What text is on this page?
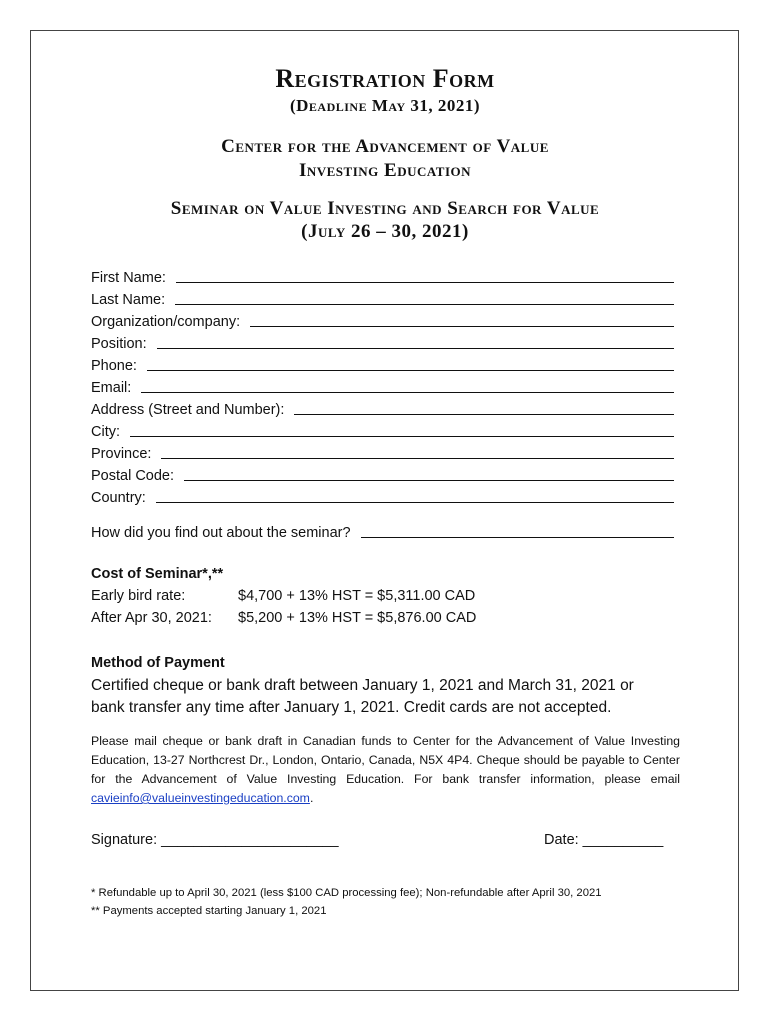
Registration Form
(Deadline May 31, 2021)
Center for the Advancement of Value
Investing Education
Seminar on Value Investing and Search for Value
(July 26 – 30, 2021)
First Name:
Last Name:
Organization/company:
Position:
Phone:
Email:
Address (Street and Number):
City:
Province:
Postal Code:
Country:
How did you find out about the seminar?
Cost of Seminar*,**
Early bird rate:	$4,700 + 13% HST = $5,311.00 CAD
After Apr 30, 2021: $5,200 + 13% HST = $5,876.00 CAD
Method of Payment
Certified cheque or bank draft between January 1, 2021 and March 31, 2021 or
bank transfer any time after January 1, 2021. Credit cards are not accepted.
Please mail cheque or bank draft in Canadian funds to Center for the Advancement of Value Investing Education, 13-27 Northcrest Dr., London, Ontario, Canada, N5X 4P4. Cheque should be payable to Center for the Advancement of Value Investing Education. For bank transfer information, please email cavieinfo@valueinvestingeducation.com.
Signature: ______________________	Date: __________
* Refundable up to April 30, 2021 (less $100 CAD processing fee); Non-refundable after April 30, 2021
** Payments accepted starting January 1, 2021
